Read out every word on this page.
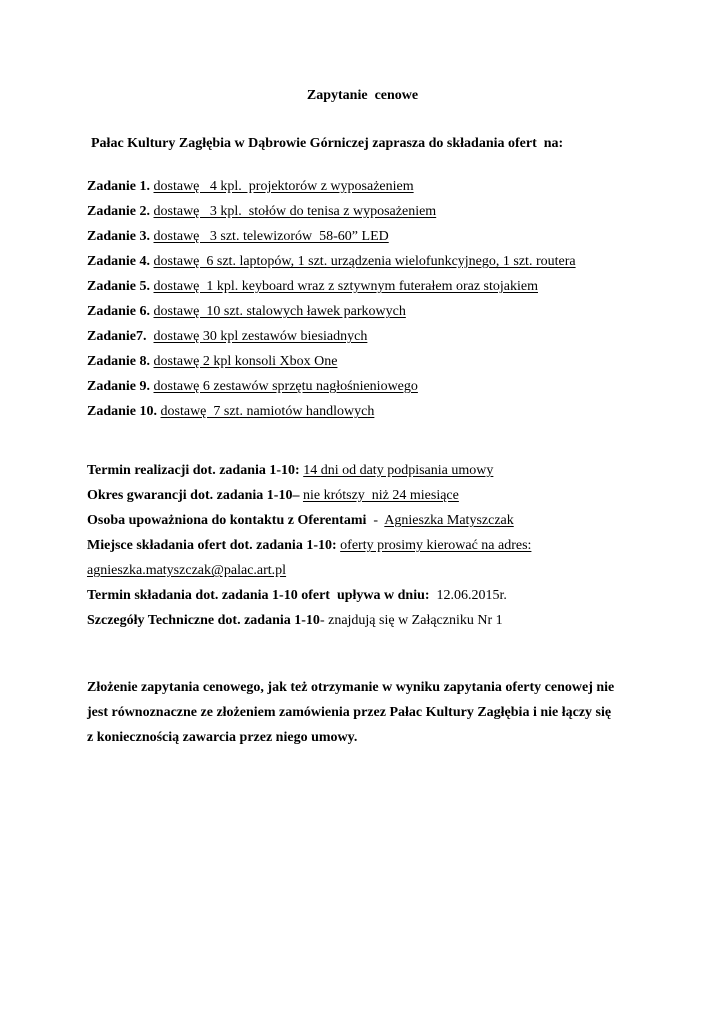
Zapytanie  cenowe
Pałac Kultury Zagłębia w Dąbrowie Górniczej zaprasza do składania ofert  na:
Zadanie 1. dostawę   4 kpl.  projektorów z wyposażeniem
Zadanie 2. dostawę   3 kpl.  stołów do tenisa z wyposażeniem
Zadanie 3. dostawę   3 szt. telewizorów  58-60” LED
Zadanie 4. dostawę  6 szt. laptopów, 1 szt. urządzenia wielofunkcyjnego, 1 szt. routera
Zadanie 5. dostawę  1 kpl. keyboard wraz z sztywnym futerałem oraz stojakiem
Zadanie 6. dostawę  10 szt. stalowych ławek parkowych
Zadanie7. dostawę 30 kpl zestawów biesiadnych
Zadanie 8. dostawę 2 kpl konsoli Xbox One
Zadanie 9. dostawę 6 zestawów sprzętu nagłośnieniowego
Zadanie 10. dostawę  7 szt. namiotów handlowych
Termin realizacji dot. zadania 1-10: 14 dni od daty podpisania umowy
Okres gwarancji dot. zadania 1-10– nie krótszy  niż 24 miesiące
Osoba upoważniona do kontaktu z Oferentami  -  Agnieszka Matyszczak
Miejsce składania ofert dot. zadania 1-10: oferty prosimy kierować na adres:
agnieszka.matyszczak@palac.art.pl
Termin składania dot. zadania 1-10 ofert  upływa w dniu:  12.06.2015r.
Szczegóły Techniczne dot. zadania 1-10- znajdują się w Załączniku Nr 1
Złożenie zapytania cenowego, jak też otrzymanie w wyniku zapytania oferty cenowej nie
jest równoznaczne ze złożeniem zamówienia przez Pałac Kultury Zagłębia i nie łączy się
z koniecznością zawarcia przez niego umowy.
